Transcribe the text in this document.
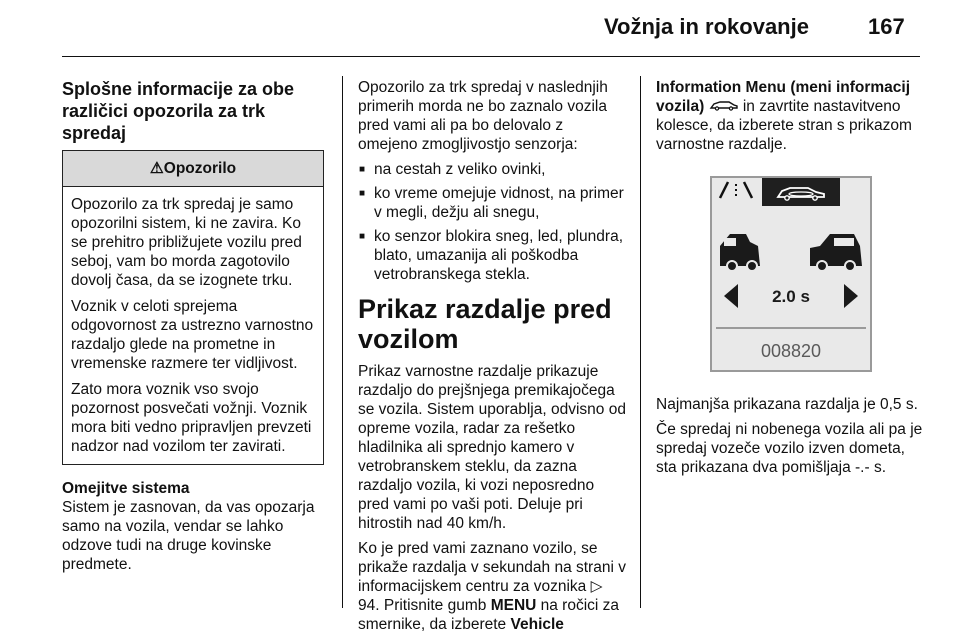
Vožnja in rokovanje	167
Splošne informacije za obe različici opozorila za trk spredaj
⚠Opozorilo

Opozorilo za trk spredaj je samo opozorilni sistem, ki ne zavira. Ko se prehitro približujete vozilu pred seboj, vam bo morda zagotovilo dovolj časa, da se izognete trku.

Voznik v celoti sprejema odgovornost za ustrezno varnostno razdaljo glede na prometne in vremenske razmere ter vidljivost.

Zato mora voznik vso svojo pozornost posvečati vožnji. Voznik mora biti vedno pripravljen prevzeti nadzor nad vozilom ter zavirati.

Omejitve sistema

Sistem je zasnovan, da vas opozarja samo na vozila, vendar se lahko odzove tudi na druge kovinske predmete.

Opozorilo za trk spredaj v naslednjih primerih morda ne bo zaznalo vozila pred vami ali pa bo delovalo z omejeno zmogljivostjo senzorja:

■ na cestah z veliko ovinki,
■ ko vreme omejuje vidnost, na primer v megli, dežju ali snegu,
■ ko senzor blokira sneg, led, plundra, blato, umazanija ali poškodba vetrobranskega stekla.
Prikaz razdalje pred vozilom

Prikaz varnostne razdalje prikazuje razdaljo do prejšnjega premikajočega se vozila. Sistem uporablja, odvisno od opreme vozila, radar za rešetko hladilnika ali sprednjo kamero v vetrobranskem steklu, da zazna razdaljo vozila, ki vozi neposredno pred vami po vaši poti. Deluje pri hitrostih nad 40 km/h.

Ko je pred vami zaznano vozilo, se prikaže razdalja v sekundah na strani v informacijskem centru za voznika ▷ 94. Pritisnite gumb MENU na ročici za smernike, da izberete Vehicle

Information Menu (meni informacij vozila)  in zavrtite nastavitveno kolesce, da izberete stran s prikazom varnostne razdalje.

2.0 s
008820

Najmanjša prikazana razdalja je 0,5 s.

Če spredaj ni nobenega vozila ali pa je spredaj vozeče vozilo izven dometa, sta prikazana dva pomišljaja -.- s.
